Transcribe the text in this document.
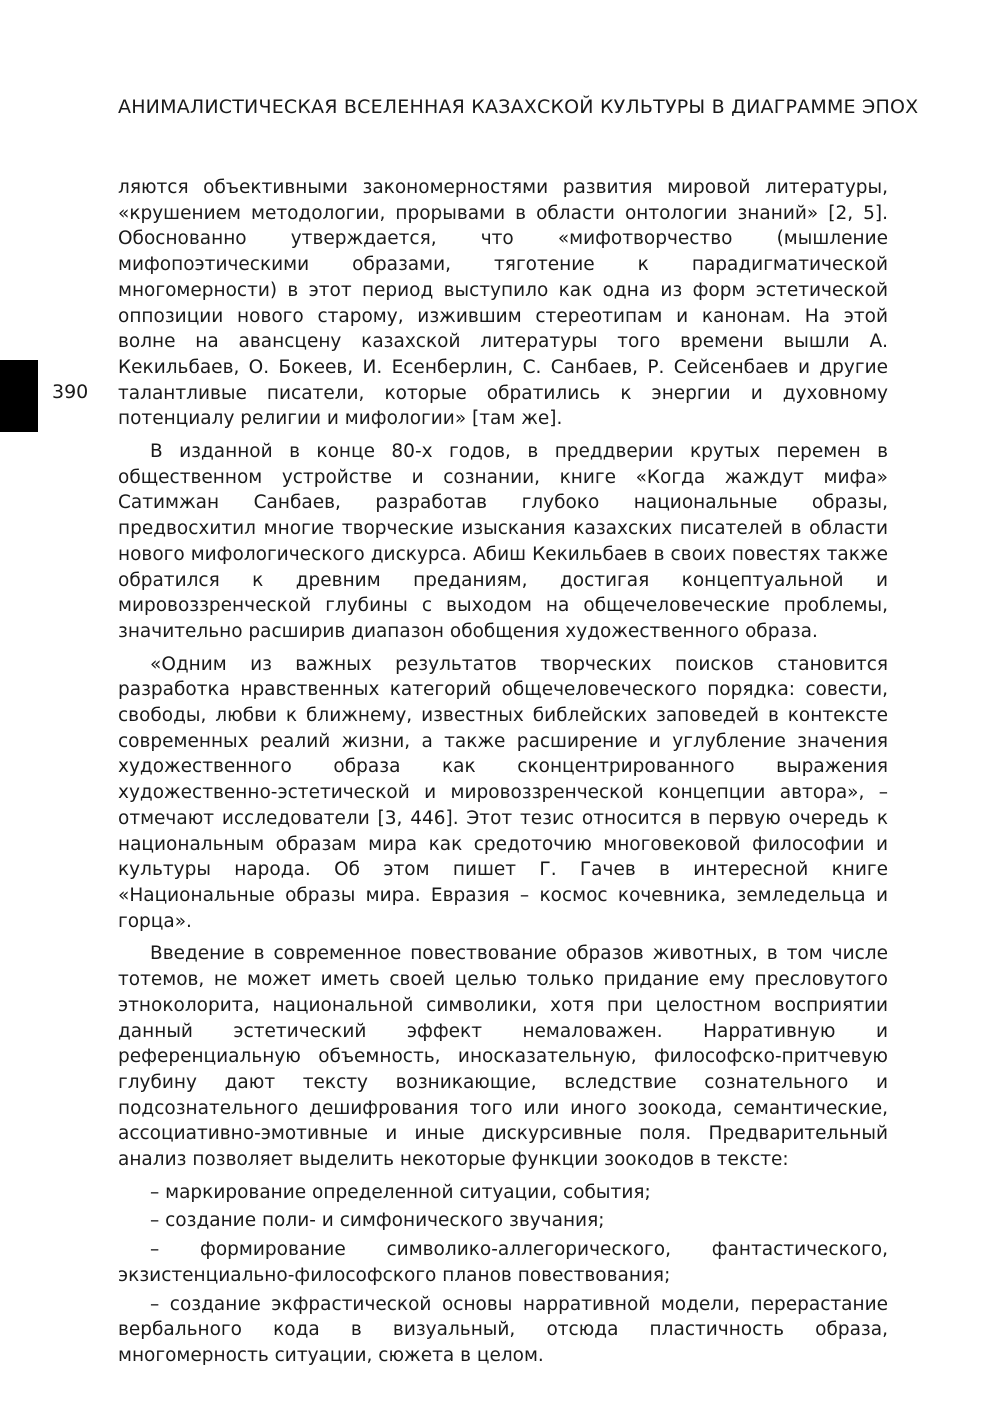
АНИМАЛИСТИЧЕСКАЯ ВСЕЛЕННАЯ КАЗАХСКОЙ КУЛЬТУРЫ В ДИАГРАММЕ ЭПОХ
390

ляются объективными закономерностями развития мировой литературы, «крушением методологии, прорывами в области онтологии знаний» [2, 5]. Обоснованно утверждается, что «мифотворчество (мышление мифопоэтическими образами, тяготение к парадигматической многомерности) в этот период выступило как одна из форм эстетической оппозиции нового старому, изжившим стереотипам и канонам. На этой волне на авансцену казахской литературы того времени вышли А. Кекильбаев, О. Бокеев, И. Есенберлин, С. Санбаев, Р. Сейсенбаев и другие талантливые писатели, которые обратились к энергии и духовному потенциалу религии и мифологии» [там же].

В изданной в конце 80-х годов, в преддверии крутых перемен в общественном устройстве и сознании, книге «Когда жаждут мифа» Сатимжан Санбаев, разработав глубоко национальные образы, предвосхитил многие творческие изыскания казахских писателей в области нового мифологического дискурса. Абиш Кекильбаев в своих повестях также обратился к древним преданиям, достигая концептуальной и мировоззренческой глубины с выходом на общечеловеческие проблемы, значительно расширив диапазон обобщения художественного образа.

«Одним из важных результатов творческих поисков становится разработка нравственных категорий общечеловеческого порядка: совести, свободы, любви к ближнему, известных библейских заповедей в контексте современных реалий жизни, а также расширение и углубление значения художественного образа как сконцентрированного выражения художественно-эстетической и мировоззренческой концепции автора», – отмечают исследователи [3, 446]. Этот тезис относится в первую очередь к национальным образам мира как средоточию многовековой философии и культуры народа. Об этом пишет Г. Гачев в интересной книге «Национальные образы мира. Евразия – космос кочевника, земледельца и горца».

Введение в современное повествование образов животных, в том числе тотемов, не может иметь своей целью только придание ему пресловутого этноколорита, национальной символики, хотя при целостном восприятии данный эстетический эффект немаловажен. Нарративную и референциальную объемность, иносказательную, философско-притчевую глубину дают тексту возникающие, вследствие сознательного и подсознательного дешифрования того или иного зоокода, семантические, ассоциативно-эмотивные и иные дискурсивные поля. Предварительный анализ позволяет выделить некоторые функции зоокодов в тексте:

– маркирование определенной ситуации, события;
– создание поли- и симфонического звучания;
– формирование символико-аллегорического, фантастического, экзистенциально-философского планов повествования;
– создание экфрастической основы нарративной модели, перерастание вербального кода в визуальный, отсюда пластичность образа, многомерность ситуации, сюжета в целом.
